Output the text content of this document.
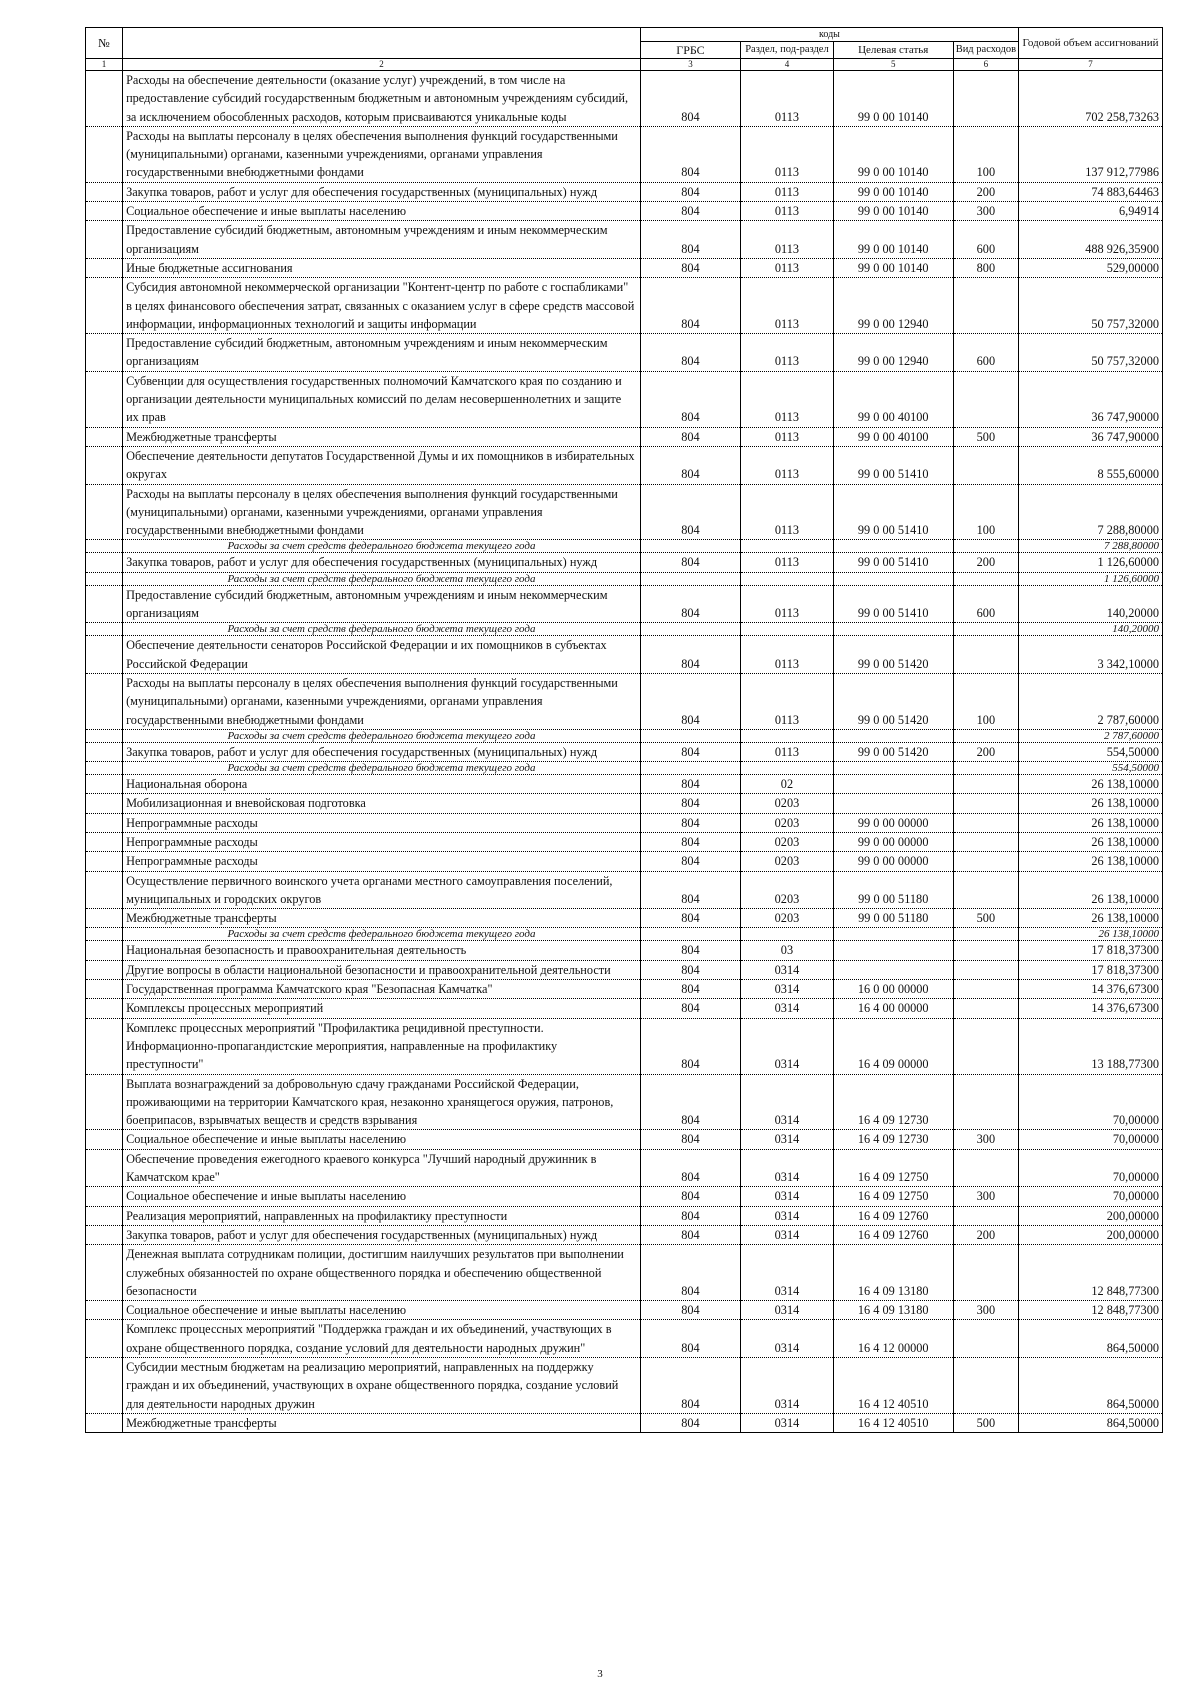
№		коды				Годовой объем ассигнований
		ГРБС	Раздел, под-раздел	Целевая статья	Вид расходов	
1	2	3	4	5	6	7
	Расходы на обеспечение деятельности (оказание услуг) учреждений, в том числе на предоставление субсидий государственным бюджетным и автономным учреждениям субсидий, за исключением обособленных расходов, которым присваиваются уникальные коды	804	0113	99 0 00 10140		702 258,73263
	Расходы на выплаты персоналу в целях обеспечения выполнения функций государственными (муниципальными) органами, казенными учреждениями, органами управления государственными внебюджетными фондами	804	0113	99 0 00 10140	100	137 912,77986
	Закупка товаров, работ и услуг для обеспечения государственных (муниципальных) нужд	804	0113	99 0 00 10140	200	74 883,64463
	Социальное обеспечение и иные выплаты населению	804	0113	99 0 00 10140	300	6,94914
	Предоставление субсидий бюджетным, автономным учреждениям и иным некоммерческим организациям	804	0113	99 0 00 10140	600	488 926,35900
	Иные бюджетные ассигнования	804	0113	99 0 00 10140	800	529,00000
	Субсидия автономной некоммерческой организации "Контент-центр по работе с госпабликами" в целях финансового обеспечения затрат, связанных с оказанием услуг в сфере средств массовой информации, информационных технологий и защиты информации	804	0113	99 0 00 12940		50 757,32000
	Предоставление субсидий бюджетным, автономным учреждениям и иным некоммерческим организациям	804	0113	99 0 00 12940	600	50 757,32000
	Субвенции для осуществления государственных полномочий Камчатского края по созданию и организации деятельности муниципальных комиссий по делам несовершеннолетних и защите их прав	804	0113	99 0 00 40100		36 747,90000
	Межбюджетные трансферты	804	0113	99 0 00 40100	500	36 747,90000
	Обеспечение деятельности депутатов Государственной Думы и их помощников в избирательных округах	804	0113	99 0 00 51410		8 555,60000
	Расходы на выплаты персоналу в целях обеспечения выполнения функций государственными (муниципальными) органами, казенными учреждениями, органами управления государственными внебюджетными фондами	804	0113	99 0 00 51410	100	7 288,80000
	Расходы за счет средств федерального бюджета текущего года					7 288,80000
	Закупка товаров, работ и услуг для обеспечения государственных (муниципальных) нужд	804	0113	99 0 00 51410	200	1 126,60000
	Расходы за счет средств федерального бюджета текущего года					1 126,60000
	Предоставление субсидий бюджетным, автономным учреждениям и иным некоммерческим организациям	804	0113	99 0 00 51410	600	140,20000
	Расходы за счет средств федерального бюджета текущего года					140,20000
	Обеспечение деятельности сенаторов Российской Федерации и их помощников в субъектах Российской Федерации	804	0113	99 0 00 51420		3 342,10000
	Расходы на выплаты персоналу в целях обеспечения выполнения функций государственными (муниципальными) органами, казенными учреждениями, органами управления государственными внебюджетными фондами	804	0113	99 0 00 51420	100	2 787,60000
	Расходы за счет средств федерального бюджета текущего года					2 787,60000
	Закупка товаров, работ и услуг для обеспечения государственных (муниципальных) нужд	804	0113	99 0 00 51420	200	554,50000
	Расходы за счет средств федерального бюджета текущего года					554,50000
	Национальная оборона	804	02			26 138,10000
	Мобилизационная и вневойсковая подготовка	804	0203			26 138,10000
	Непрограммные расходы	804	0203	99 0 00 00000		26 138,10000
	Непрограммные расходы	804	0203	99 0 00 00000		26 138,10000
	Непрограммные расходы	804	0203	99 0 00 00000		26 138,10000
	Осуществление первичного воинского учета органами местного самоуправления поселений, муниципальных и городских округов	804	0203	99 0 00 51180		26 138,10000
	Межбюджетные трансферты	804	0203	99 0 00 51180	500	26 138,10000
	Расходы за счет средств федерального бюджета текущего года					26 138,10000
	Национальная безопасность и правоохранительная деятельность	804	03			17 818,37300
	Другие вопросы в области национальной безопасности и правоохранительной деятельности	804	0314			17 818,37300
	Государственная программа Камчатского края "Безопасная Камчатка"	804	0314	16 0 00 00000		14 376,67300
	Комплексы процессных мероприятий	804	0314	16 4 00 00000		14 376,67300
	Комплекс процессных мероприятий "Профилактика рецидивной преступности. Информационно-пропагандистские мероприятия, направленные на профилактику преступности"	804	0314	16 4 09 00000		13 188,77300
	Выплата вознаграждений за добровольную сдачу гражданами Российской Федерации, проживающими на территории Камчатского края, незаконно хранящегося оружия, патронов, боеприпасов, взрывчатых веществ и средств взрывания	804	0314	16 4 09 12730		70,00000
	Социальное обеспечение и иные выплаты населению	804	0314	16 4 09 12730	300	70,00000
	Обеспечение проведения ежегодного краевого конкурса "Лучший народный дружинник в Камчатском крае"	804	0314	16 4 09 12750		70,00000
	Социальное обеспечение и иные выплаты населению	804	0314	16 4 09 12750	300	70,00000
	Реализация мероприятий, направленных на профилактику преступности	804	0314	16 4 09 12760		200,00000
	Закупка товаров, работ и услуг для обеспечения государственных (муниципальных) нужд	804	0314	16 4 09 12760	200	200,00000
	Денежная выплата сотрудникам полиции, достигшим наилучших результатов при выполнении служебных обязанностей по охране общественного порядка и обеспечению общественной безопасности	804	0314	16 4 09 13180		12 848,77300
	Социальное обеспечение и иные выплаты населению	804	0314	16 4 09 13180	300	12 848,77300
	Комплекс процессных мероприятий "Поддержка граждан и их объединений, участвующих в охране общественного порядка, создание условий для деятельности народных дружин"	804	0314	16 4 12 00000		864,50000
	Субсидии местным бюджетам на реализацию мероприятий, направленных на поддержку граждан и их объединений, участвующих в охране общественного порядка, создание условий для деятельности народных дружин	804	0314	16 4 12 40510		864,50000
	Межбюджетные трансферты	804	0314	16 4 12 40510	500	864,50000
3
